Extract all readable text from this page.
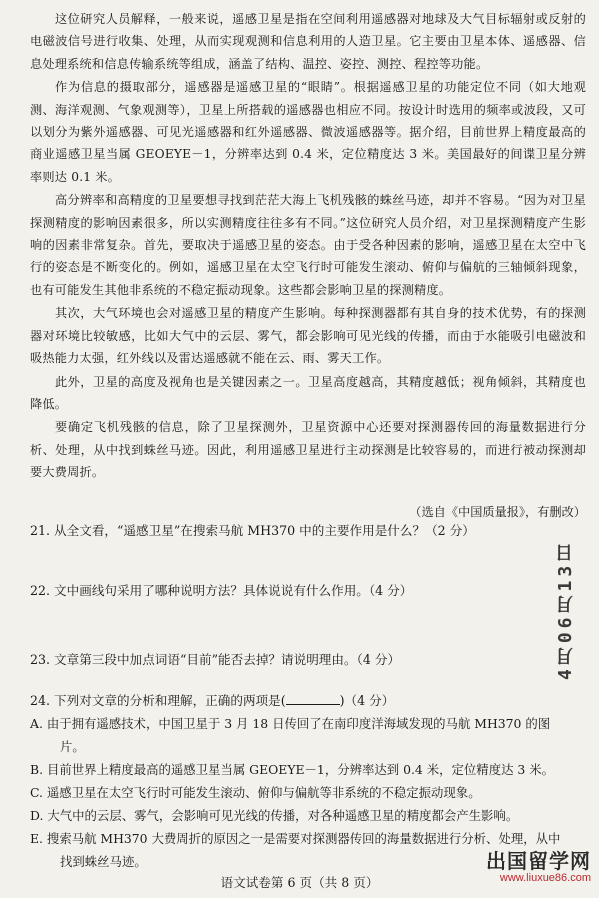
这位研究人员解释，一般来说，遥感卫星是指在空间利用遥感器对地球及大气目标辐射或反射的电磁波信号进行收集、处理，从而实现观测和信息利用的人造卫星。它主要由卫星本体、遥感器、信息处理系统和信息传输系统等组成，涵盖了结构、温控、姿控、测控、程控等功能。

作为信息的摄取部分，遥感器是遥感卫星的“眼睛”。根据遥感卫星的功能定位不同（如大地观测、海洋观测、气象观测等），卫星上所搭载的遥感器也相应不同。按设计时选用的频率或波段，又可以划分为紫外遥感器、可见光遥感器和红外遥感器、微波遥感器等。据介绍，目前世界上精度最高的商业遥感卫星当属 GEOEYE－1，分辨率达到 0.4 米，定位精度达 3 米。美国最好的间谍卫星分辨率则达 0.1 米。

高分辨率和高精度的卫星要想寻找到茫茫大海上飞机残骸的蛛丝马迹，却并不容易。“因为对卫星探测精度的影响因素很多，所以实测精度往往多有不同。”这位研究人员介绍，对卫星探测精度产生影响的因素非常复杂。首先，要取决于遥感卫星的姿态。由于受各种因素的影响，遥感卫星在太空中飞行的姿态是不断变化的。例如，遥感卫星在太空飞行时可能发生滚动、俯仰与偏航的三轴倾斜现象，也有可能发生其他非系统的不稳定振动现象。这些都会影响卫星的探测精度。

其次，大气环境也会对遥感卫星的精度产生影响。每种探测器都有其自身的技术优势，有的探测器对环境比较敏感，比如大气中的云层、雾气，都会影响可见光线的传播，而由于水能吸引电磁波和吸热能力太强，红外线以及雷达遥感就不能在云、雨、雾天工作。

此外，卫星的高度及视角也是关键因素之一。卫星高度越高，其精度越低；视角倾斜，其精度也降低。

要确定飞机残骸的信息，除了卫星探测外，卫星资源中心还要对探测器传回的海量数据进行分析、处理，从中找到蛛丝马迹。因此，利用遥感卫星进行主动探测是比较容易的，而进行被动探测却要大费周折。

（选自《中国质量报》，有删改）
21. 从全文看，“遥感卫星”在搜索马航 MH370 中的主要作用是什么？（2 分）
22. 文中画线句采用了哪种说明方法？具体说说有什么作用。（4 分）
23. 文章第三段中加点词语“目前”能否去掉？请说明理由。（4 分）
24. 下列对文章的分析和理解，正确的两项是(	)（4 分）
A. 由于拥有遥感技术，中国卫星于 3 月 18 日传回了在南印度洋海域发现的马航 MH370 的图片。
B. 目前世界上精度最高的遥感卫星当属 GEOEYE－1，分辨率达到 0.4 米，定位精度达 3 米。
C. 遥感卫星在太空飞行时可能发生滚动、俯仰与偏航等非系统的不稳定振动现象。
D. 大气中的云层、雾气，会影响可见光线的传播，对各种遥感卫星的精度都会产生影响。
E. 搜索马航 MH370 大费周折的原因之一是需要对探测器传回的海量数据进行分析、处理，从中找到蛛丝马迹。
4月06月13日
语文试卷第 6 页（共 8 页）
出国留学网
www.liuxue86.com
